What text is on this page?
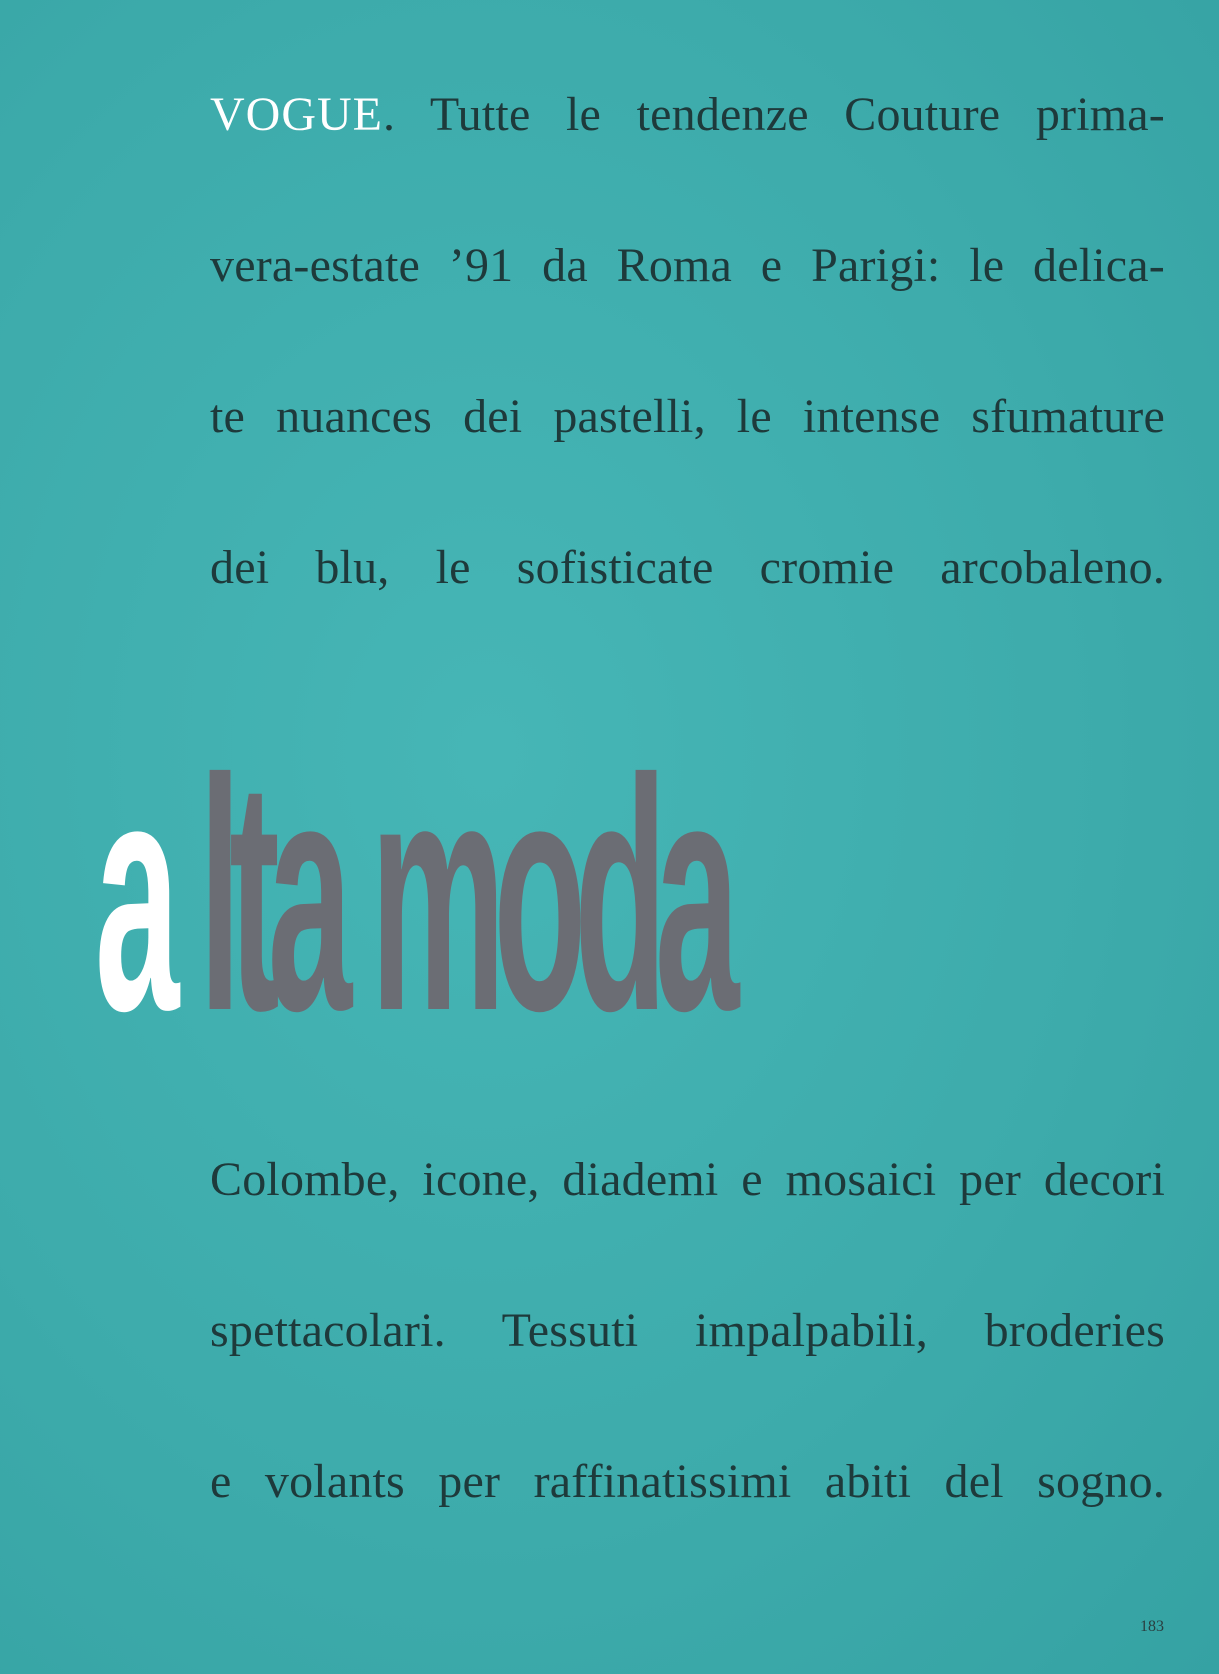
VOGUE. Tutte le tendenze Couture prima-
vera-estate ’91 da Roma e Parigi: le delica-
te nuances dei pastelli, le intense sfumature
dei blu, le sofisticate cromie arcobaleno.
a lta moda
Colombe, icone, diademi e mosaici per decori
spettacolari. Tessuti impalpabili, broderies
e volants per raffinatissimi abiti del sogno.
183
